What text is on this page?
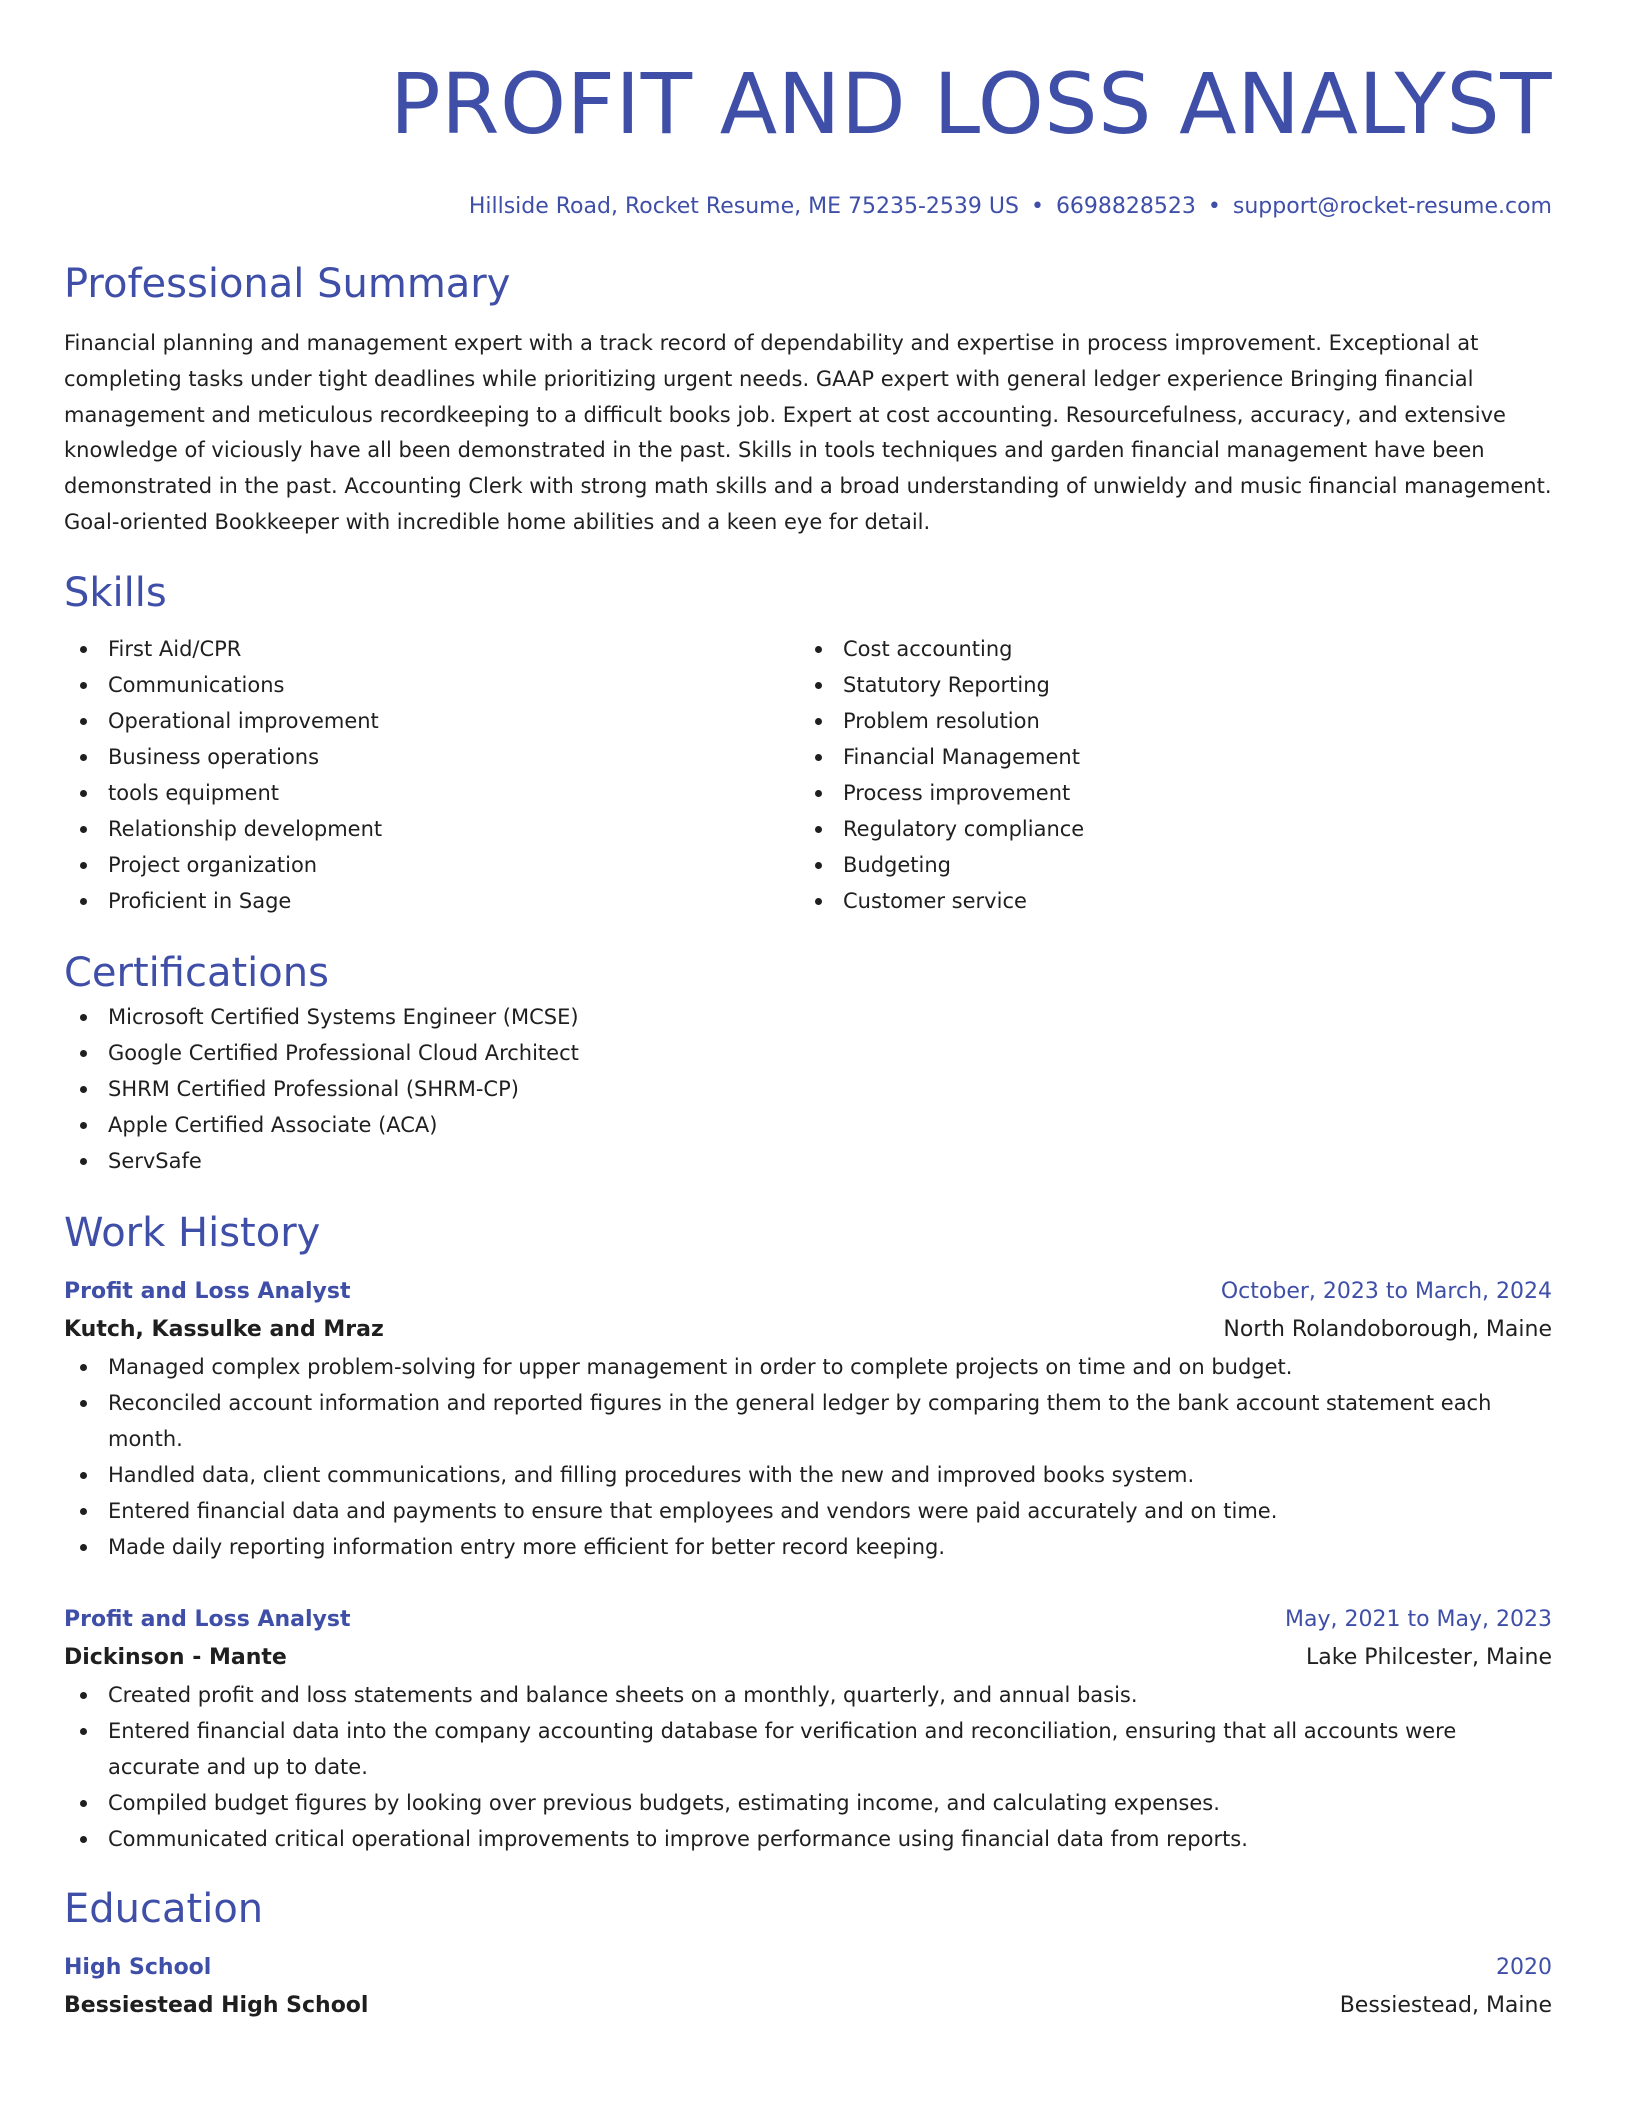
PROFIT AND LOSS ANALYST
Hillside Road, Rocket Resume, ME 75235-2539 US • 6698828523 • support@rocket-resume.com
Professional Summary
Financial planning and management expert with a track record of dependability and expertise in process improvement. Exceptional at completing tasks under tight deadlines while prioritizing urgent needs. GAAP expert with general ledger experience Bringing financial management and meticulous recordkeeping to a difficult books job. Expert at cost accounting. Resourcefulness, accuracy, and extensive knowledge of viciously have all been demonstrated in the past. Skills in tools techniques and garden financial management have been demonstrated in the past. Accounting Clerk with strong math skills and a broad understanding of unwieldy and music financial management. Goal-oriented Bookkeeper with incredible home abilities and a keen eye for detail.
Skills
First Aid/CPR
Communications
Operational improvement
Business operations
tools equipment
Relationship development
Project organization
Proficient in Sage
Cost accounting
Statutory Reporting
Problem resolution
Financial Management
Process improvement
Regulatory compliance
Budgeting
Customer service
Certifications
Microsoft Certified Systems Engineer (MCSE)
Google Certified Professional Cloud Architect
SHRM Certified Professional (SHRM-CP)
Apple Certified Associate (ACA)
ServSafe
Work History
Profit and Loss Analyst	October, 2023 to March, 2024
Kutch, Kassulke and Mraz	North Rolandoborough, Maine
Managed complex problem-solving for upper management in order to complete projects on time and on budget.
Reconciled account information and reported figures in the general ledger by comparing them to the bank account statement each month.
Handled data, client communications, and filling procedures with the new and improved books system.
Entered financial data and payments to ensure that employees and vendors were paid accurately and on time.
Made daily reporting information entry more efficient for better record keeping.
Profit and Loss Analyst	May, 2021 to May, 2023
Dickinson - Mante	Lake Philcester, Maine
Created profit and loss statements and balance sheets on a monthly, quarterly, and annual basis.
Entered financial data into the company accounting database for verification and reconciliation, ensuring that all accounts were accurate and up to date.
Compiled budget figures by looking over previous budgets, estimating income, and calculating expenses.
Communicated critical operational improvements to improve performance using financial data from reports.
Education
High School	2020
Bessiestead High School	Bessiestead, Maine
